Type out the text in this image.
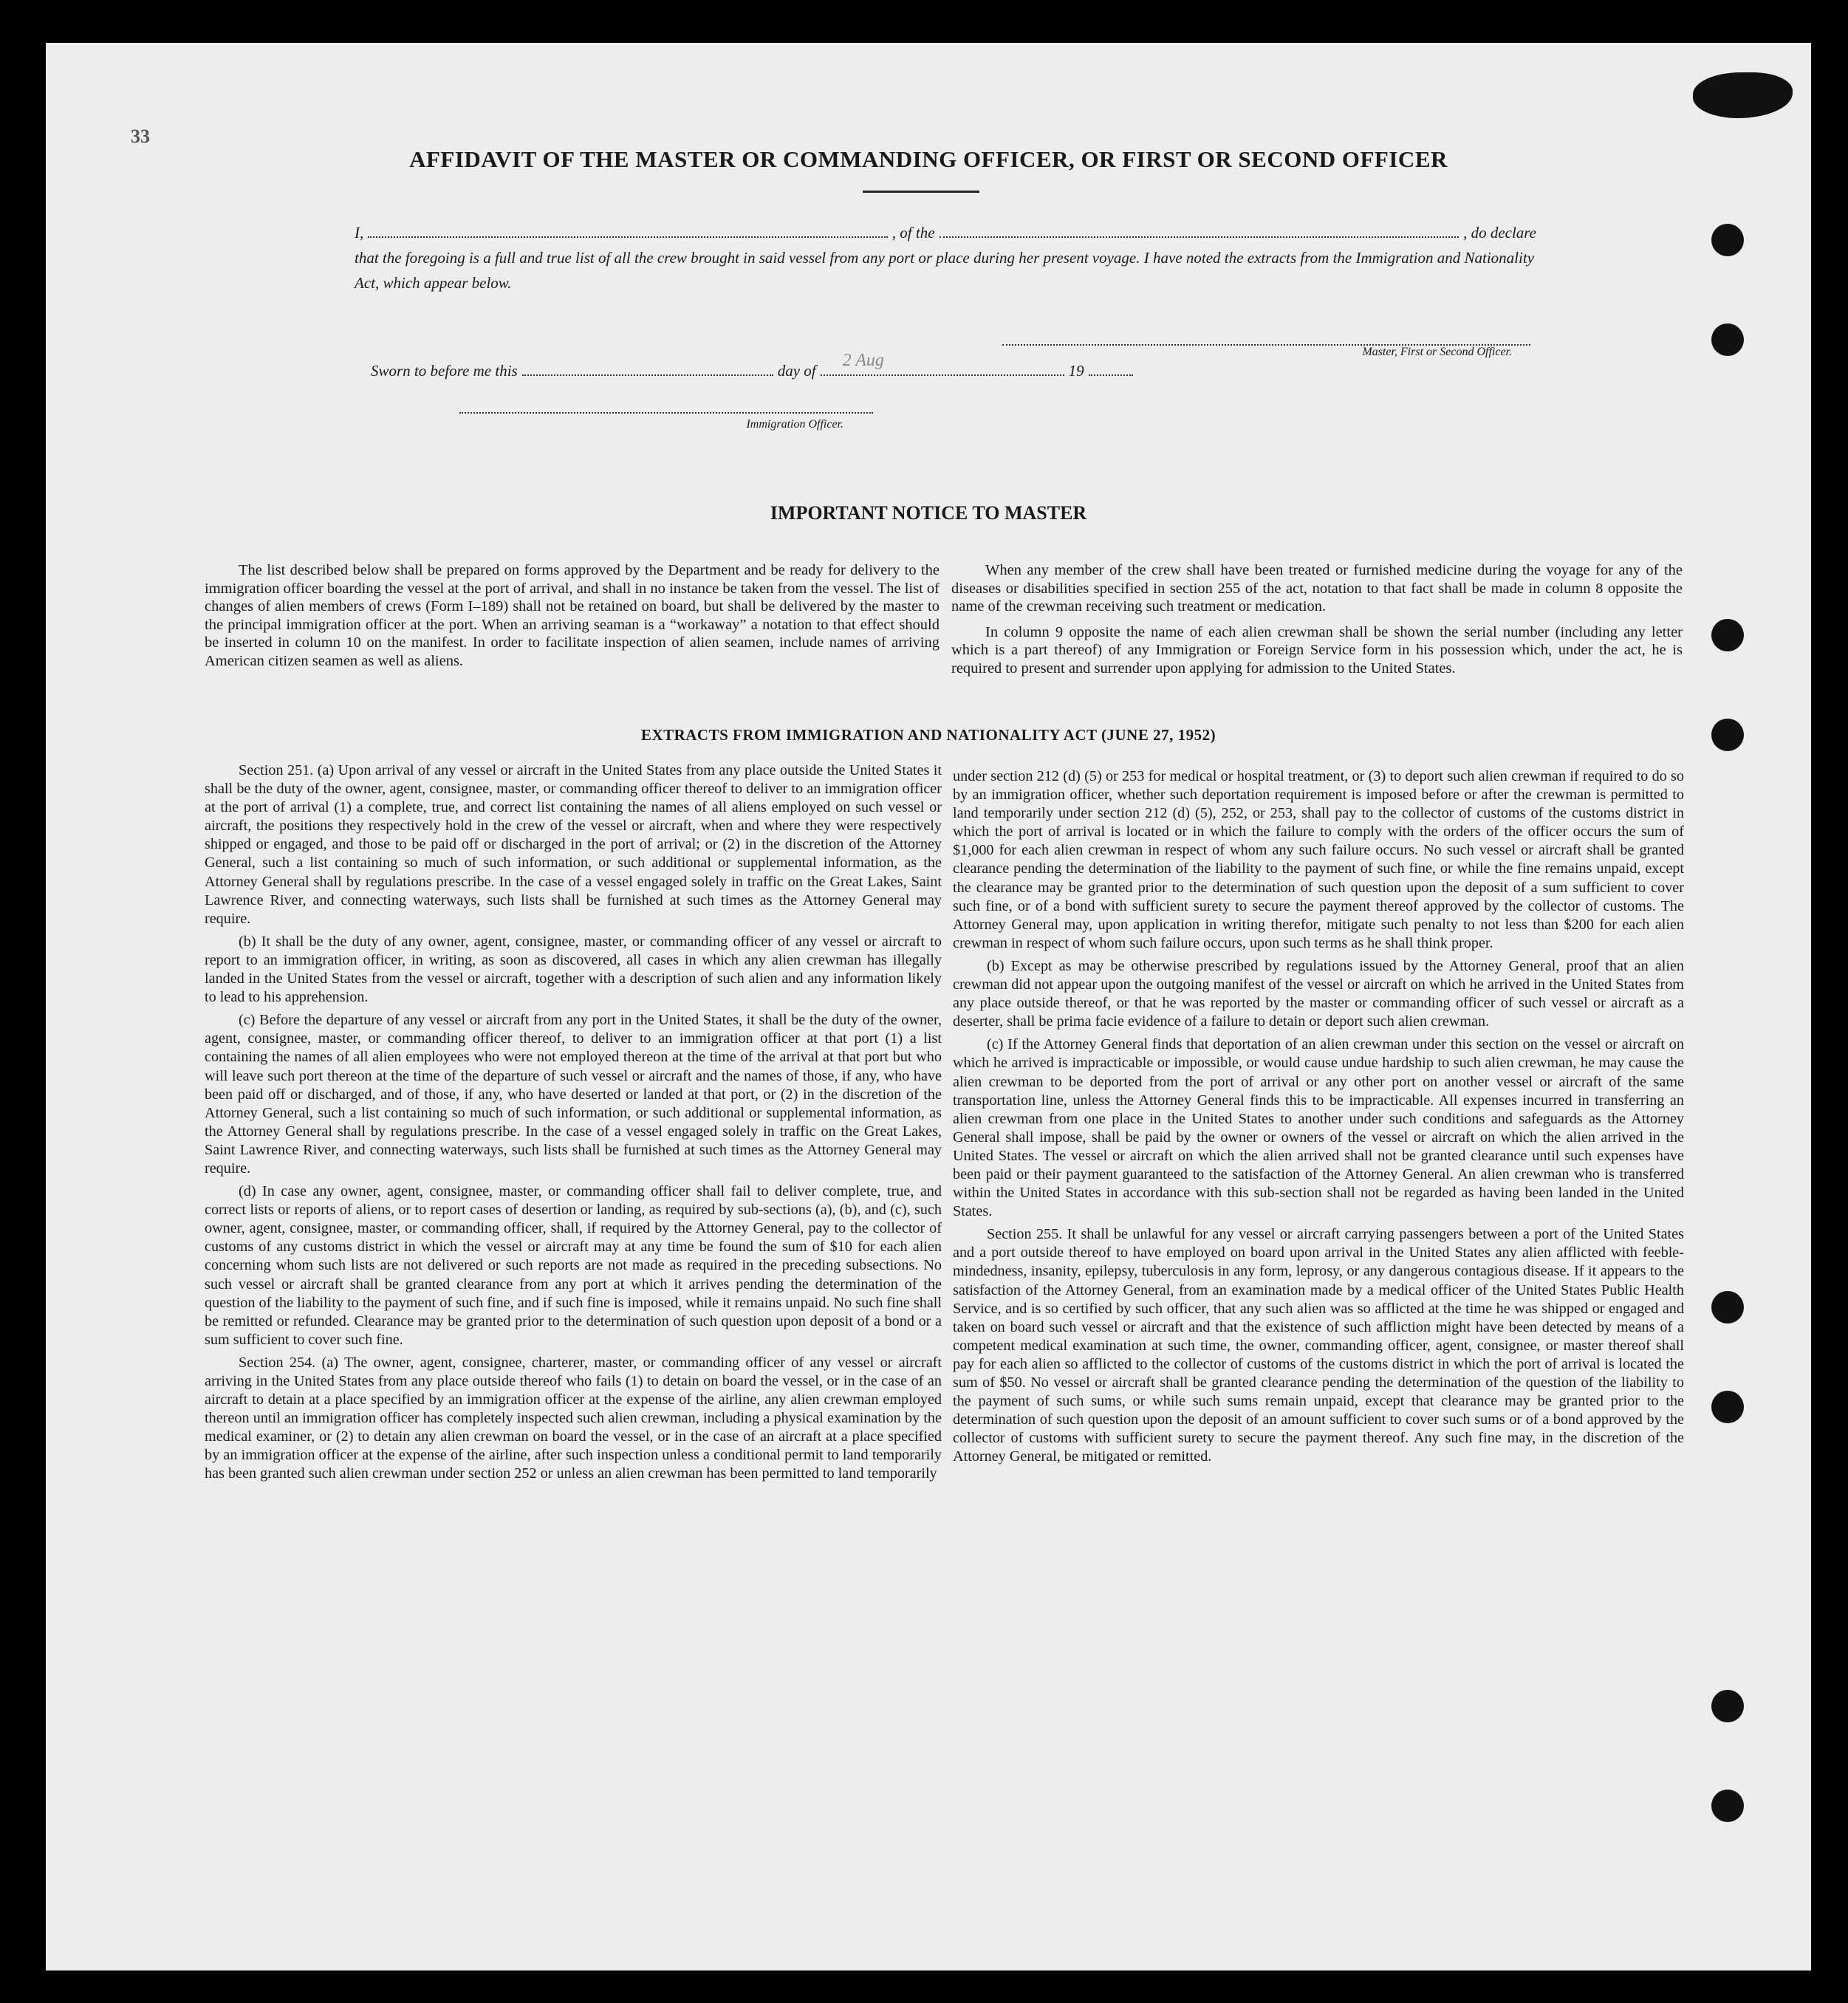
33
AFFIDAVIT OF THE MASTER OR COMMANDING OFFICER, OR FIRST OR SECOND OFFICER
I,	, of the	, do declare
that the foregoing is a full and true list of all the crew brought in said vessel from any port or place during her present voyage. I have noted the extracts from the Immigration and Nationality Act, which appear below.
Master, First or Second Officer.
Sworn to before me this	day of
2 Aug
19
Immigration Officer.
IMPORTANT NOTICE TO MASTER

The list described below shall be prepared on forms approved by the Department and be ready for delivery to the immigration officer boarding the vessel at the port of arrival, and shall in no instance be taken from the vessel. The list of changes of alien members of crews (Form I–189) shall not be retained on board, but shall be delivered by the master to the principal immigration officer at the port. When an arriving seaman is a “workaway” a notation to that effect should be inserted in column 10 on the manifest. In order to facilitate inspection of alien seamen, include names of arriving American citizen seamen as well as aliens.

When any member of the crew shall have been treated or furnished medicine during the voyage for any of the diseases or disabilities specified in section 255 of the act, notation to that fact shall be made in column 8 opposite the name of the crewman receiving such treatment or medication.

In column 9 opposite the name of each alien crewman shall be shown the serial number (including any letter which is a part thereof) of any Immigration or Foreign Service form in his possession which, under the act, he is required to present and surrender upon applying for admission to the United States.

EXTRACTS FROM IMMIGRATION AND NATIONALITY ACT (JUNE 27, 1952)

Section 251. (a) Upon arrival of any vessel or aircraft in the United States from any place outside the United States it shall be the duty of the owner, agent, consignee, master, or commanding officer thereof to deliver to an immigration officer at the port of arrival (1) a complete, true, and correct list containing the names of all aliens employed on such vessel or aircraft, the positions they respectively hold in the crew of the vessel or aircraft, when and where they were respectively shipped or engaged, and those to be paid off or discharged in the port of arrival; or (2) in the discretion of the Attorney General, such a list containing so much of such information, or such additional or supplemental information, as the Attorney General shall by regulations prescribe. In the case of a vessel engaged solely in traffic on the Great Lakes, Saint Lawrence River, and connecting waterways, such lists shall be furnished at such times as the Attorney General may require.

(b) It shall be the duty of any owner, agent, consignee, master, or commanding officer of any vessel or aircraft to report to an immigration officer, in writing, as soon as discovered, all cases in which any alien crewman has illegally landed in the United States from the vessel or aircraft, together with a description of such alien and any information likely to lead to his apprehension.

(c) Before the departure of any vessel or aircraft from any port in the United States, it shall be the duty of the owner, agent, consignee, master, or commanding officer thereof, to deliver to an immigration officer at that port (1) a list containing the names of all alien employees who were not employed thereon at the time of the arrival at that port but who will leave such port thereon at the time of the departure of such vessel or aircraft and the names of those, if any, who have been paid off or discharged, and of those, if any, who have deserted or landed at that port, or (2) in the discretion of the Attorney General, such a list containing so much of such information, or such additional or supplemental information, as the Attorney General shall by regulations prescribe. In the case of a vessel engaged solely in traffic on the Great Lakes, Saint Lawrence River, and connecting waterways, such lists shall be furnished at such times as the Attorney General may require.

(d) In case any owner, agent, consignee, master, or commanding officer shall fail to deliver complete, true, and correct lists or reports of aliens, or to report cases of desertion or landing, as required by sub-sections (a), (b), and (c), such owner, agent, consignee, master, or commanding officer, shall, if required by the Attorney General, pay to the collector of customs of any customs district in which the vessel or aircraft may at any time be found the sum of $10 for each alien concerning whom such lists are not delivered or such reports are not made as required in the preceding subsections. No such vessel or aircraft shall be granted clearance from any port at which it arrives pending the determination of the question of the liability to the payment of such fine, and if such fine is imposed, while it remains unpaid. No such fine shall be remitted or refunded. Clearance may be granted prior to the determination of such question upon deposit of a bond or a sum sufficient to cover such fine.

Section 254. (a) The owner, agent, consignee, charterer, master, or commanding officer of any vessel or aircraft arriving in the United States from any place outside thereof who fails (1) to detain on board the vessel, or in the case of an aircraft to detain at a place specified by an immigration officer at the expense of the airline, any alien crewman employed thereon until an immigration officer has completely inspected such alien crewman, including a physical examination by the medical examiner, or (2) to detain any alien crewman on board the vessel, or in the case of an aircraft at a place specified by an immigration officer at the expense of the airline, after such inspection unless a conditional permit to land temporarily has been granted such alien crewman under section 252 or unless an alien crewman has been permitted to land temporarily

under section 212 (d) (5) or 253 for medical or hospital treatment, or (3) to deport such alien crewman if required to do so by an immigration officer, whether such deportation requirement is imposed before or after the crewman is permitted to land temporarily under section 212 (d) (5), 252, or 253, shall pay to the collector of customs of the customs district in which the port of arrival is located or in which the failure to comply with the orders of the officer occurs the sum of $1,000 for each alien crewman in respect of whom any such failure occurs. No such vessel or aircraft shall be granted clearance pending the determination of the liability to the payment of such fine, or while the fine remains unpaid, except the clearance may be granted prior to the determination of such question upon the deposit of a sum sufficient to cover such fine, or of a bond with sufficient surety to secure the payment thereof approved by the collector of customs. The Attorney General may, upon application in writing therefor, mitigate such penalty to not less than $200 for each alien crewman in respect of whom such failure occurs, upon such terms as he shall think proper.

(b) Except as may be otherwise prescribed by regulations issued by the Attorney General, proof that an alien crewman did not appear upon the outgoing manifest of the vessel or aircraft on which he arrived in the United States from any place outside thereof, or that he was reported by the master or commanding officer of such vessel or aircraft as a deserter, shall be prima facie evidence of a failure to detain or deport such alien crewman.

(c) If the Attorney General finds that deportation of an alien crewman under this section on the vessel or aircraft on which he arrived is impracticable or impossible, or would cause undue hardship to such alien crewman, he may cause the alien crewman to be deported from the port of arrival or any other port on another vessel or aircraft of the same transportation line, unless the Attorney General finds this to be impracticable. All expenses incurred in transferring an alien crewman from one place in the United States to another under such conditions and safeguards as the Attorney General shall impose, shall be paid by the owner or owners of the vessel or aircraft on which the alien arrived in the United States. The vessel or aircraft on which the alien arrived shall not be granted clearance until such expenses have been paid or their payment guaranteed to the satisfaction of the Attorney General. An alien crewman who is transferred within the United States in accordance with this sub-section shall not be regarded as having been landed in the United States.

Section 255. It shall be unlawful for any vessel or aircraft carrying passengers between a port of the United States and a port outside thereof to have employed on board upon arrival in the United States any alien afflicted with feeble-mindedness, insanity, epilepsy, tuberculosis in any form, leprosy, or any dangerous contagious disease. If it appears to the satisfaction of the Attorney General, from an examination made by a medical officer of the United States Public Health Service, and is so certified by such officer, that any such alien was so afflicted at the time he was shipped or engaged and taken on board such vessel or aircraft and that the existence of such affliction might have been detected by means of a competent medical examination at such time, the owner, commanding officer, agent, consignee, or master thereof shall pay for each alien so afflicted to the collector of customs of the customs district in which the port of arrival is located the sum of $50. No vessel or aircraft shall be granted clearance pending the determination of the question of the liability to the payment of such sums, or while such sums remain unpaid, except that clearance may be granted prior to the determination of such question upon the deposit of an amount sufficient to cover such sums or of a bond approved by the collector of customs with sufficient surety to secure the payment thereof. Any such fine may, in the discretion of the Attorney General, be mitigated or remitted.
